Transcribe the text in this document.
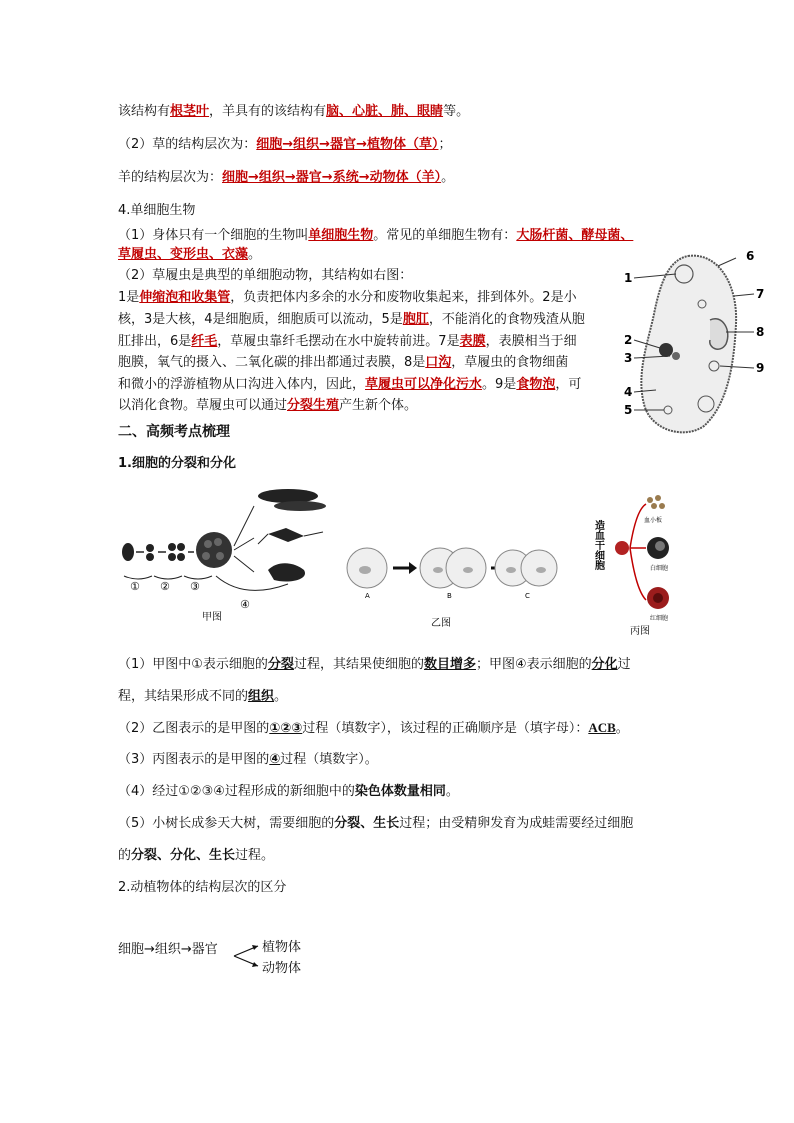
该结构有根茎叶，羊具有的该结构有脑、心脏、肺、眼睛等。
（2）草的结构层次为：细胞→组织→器官→植物体（草）；
羊的结构层次为：细胞→组织→器官→系统→动物体（羊）。
4.单细胞生物
（1）身体只有一个细胞的生物叫单细胞生物。常见的单细胞生物有：大肠杆菌、酵母菌、
草履虫、变形虫、衣藻。
（2）草履虫是典型的单细胞动物，其结构如右图：
1是伸缩泡和收集管，负责把体内多余的水分和废物收集起来，排到体外。2是小
核，3是大核，4是细胞质，细胞质可以流动，5是胞肛，不能消化的食物残渣从胞
肛排出，6是纤毛，草履虫靠纤毛摆动在水中旋转前进。7是表膜，表膜相当于细
胞膜，氧气的摄入、二氧化碳的排出都通过表膜，8是口沟，草履虫的食物细菌
和微小的浮游植物从口沟进入体内，因此，草履虫可以净化污水。9是食物泡，可
以消化食物。草履虫可以通过分裂生殖产生新个体。
1
2
3
4
5
6
7
8
9
二、高频考点梳理
1.细胞的分裂和分化
① ② ③
④
甲图
A	B	C
乙图
造血干细胞	血小板
白细胞
红细胞
丙图
（1）甲图中①表示细胞的分裂过程，其结果使细胞的数目增多；甲图④表示细胞的分化过
程，其结果形成不同的组织。
（2）乙图表示的是甲图的①②③过程（填数字），该过程的正确顺序是（填字母）：ACB。
（3）丙图表示的是甲图的④过程（填数字）。
（4）经过①②③④过程形成的新细胞中的染色体数量相同。
（5）小树长成参天大树，需要细胞的分裂、生长过程；由受精卵发育为成蛙需要经过细胞
的分裂、分化、生长过程。
2.动植物体的结构层次的区分
细胞→组织→器官	植物体
动物体
